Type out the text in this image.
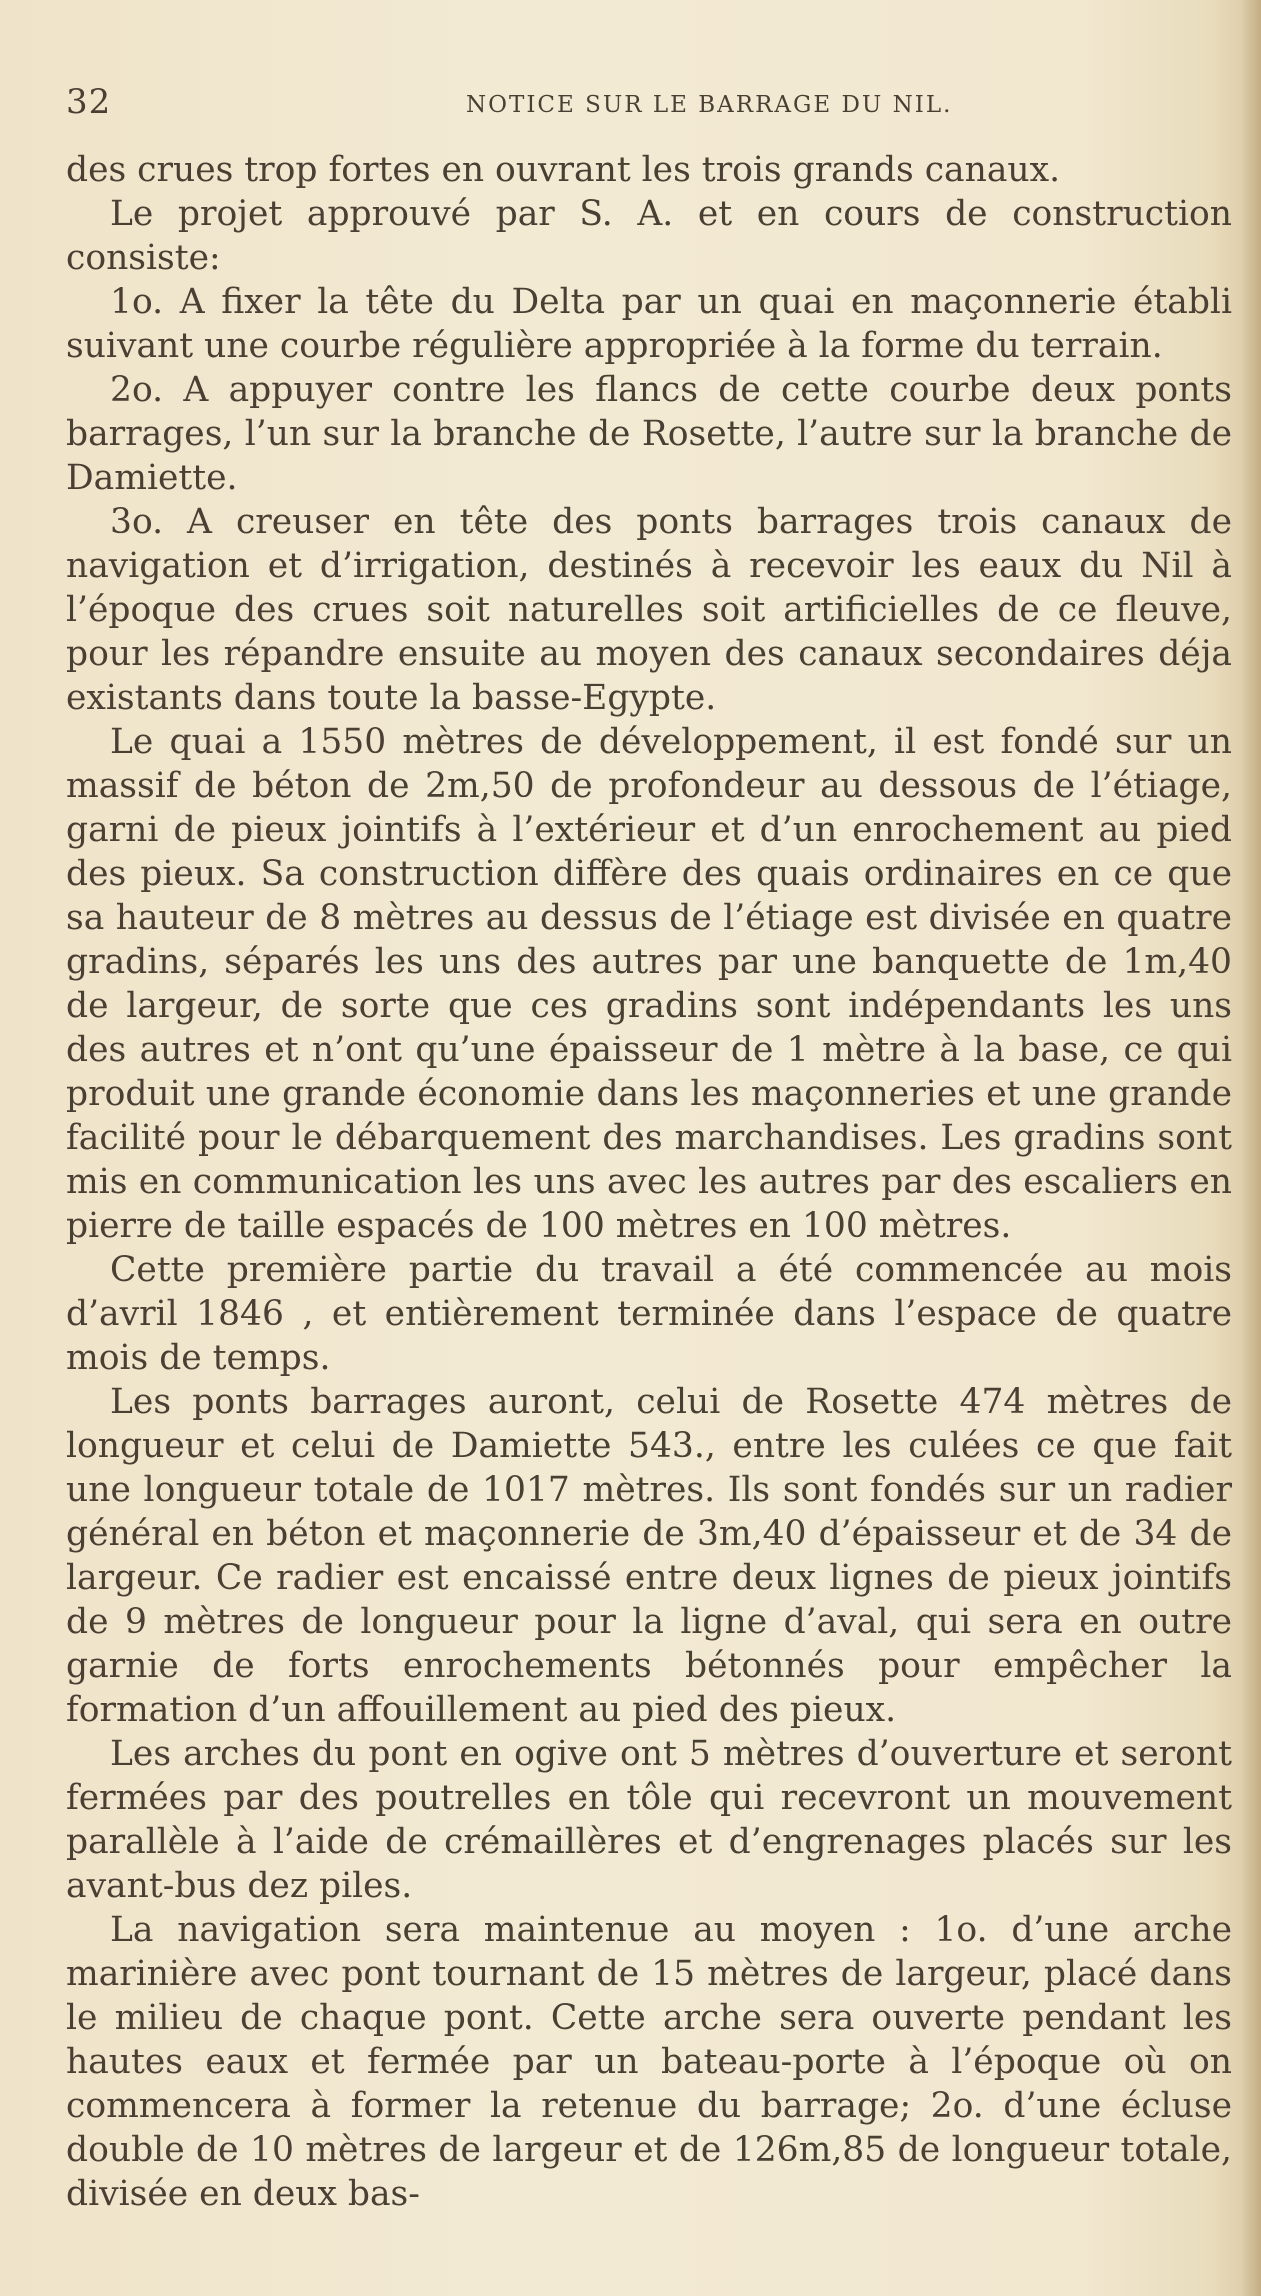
32	NOTICE SUR LE BARRAGE DU NIL.

des crues trop fortes en ouvrant les trois grands canaux.

Le projet approuvé par S. A. et en cours de construction consiste:

1o. A fixer la tête du Delta par un quai en maçonnerie établi suivant une courbe régulière appropriée à la forme du terrain.

2o. A appuyer contre les flancs de cette courbe deux ponts barrages, l’un sur la branche de Rosette, l’autre sur la branche de Damiette.

3o. A creuser en tête des ponts barrages trois canaux de navigation et d’irrigation, destinés à recevoir les eaux du Nil à l’époque des crues soit naturelles soit artificielles de ce fleuve, pour les répandre ensuite au moyen des canaux secondaires déja existants dans toute la basse-Egypte.

Le quai a 1550 mètres de développement, il est fondé sur un massif de béton de 2m,50 de profondeur au dessous de l’étiage, garni de pieux jointifs à l’extérieur et d’un enrochement au pied des pieux. Sa construction diffère des quais ordinaires en ce que sa hauteur de 8 mètres au dessus de l’étiage est divisée en quatre gradins, séparés les uns des autres par une banquette de 1m,40 de largeur, de sorte que ces gradins sont indépendants les uns des autres et n’ont qu’une épaisseur de 1 mètre à la base, ce qui produit une grande économie dans les maçonneries et une grande facilité pour le débarquement des marchandises. Les gradins sont mis en communication les uns avec les autres par des escaliers en pierre de taille espacés de 100 mètres en 100 mètres.

Cette première partie du travail a été commencée au mois d’avril 1846 , et entièrement terminée dans l’espace de quatre mois de temps.

Les ponts barrages auront, celui de Rosette 474 mètres de longueur et celui de Damiette 543., entre les culées ce que fait une longueur totale de 1017 mètres. Ils sont fondés sur un radier général en béton et maçonnerie de 3m,40 d’épaisseur et de 34 de largeur. Ce radier est encaissé entre deux lignes de pieux jointifs de 9 mètres de longueur pour la ligne d’aval, qui sera en outre garnie de forts enrochements bétonnés pour empêcher la formation d’un affouillement au pied des pieux.

Les arches du pont en ogive ont 5 mètres d’ouverture et seront fermées par des poutrelles en tôle qui recevront un mouvement parallèle à l’aide de crémaillères et d’engrenages placés sur les avant-bus dez piles.

La navigation sera maintenue au moyen : 1o. d’une arche marinière avec pont tournant de 15 mètres de largeur, placé dans le milieu de chaque pont. Cette arche sera ouverte pendant les hautes eaux et fermée par un bateau-porte à l’époque où on commencera à former la retenue du barrage; 2o. d’une écluse double de 10 mètres de largeur et de 126m,85 de longueur totale, divisée en deux bas-
